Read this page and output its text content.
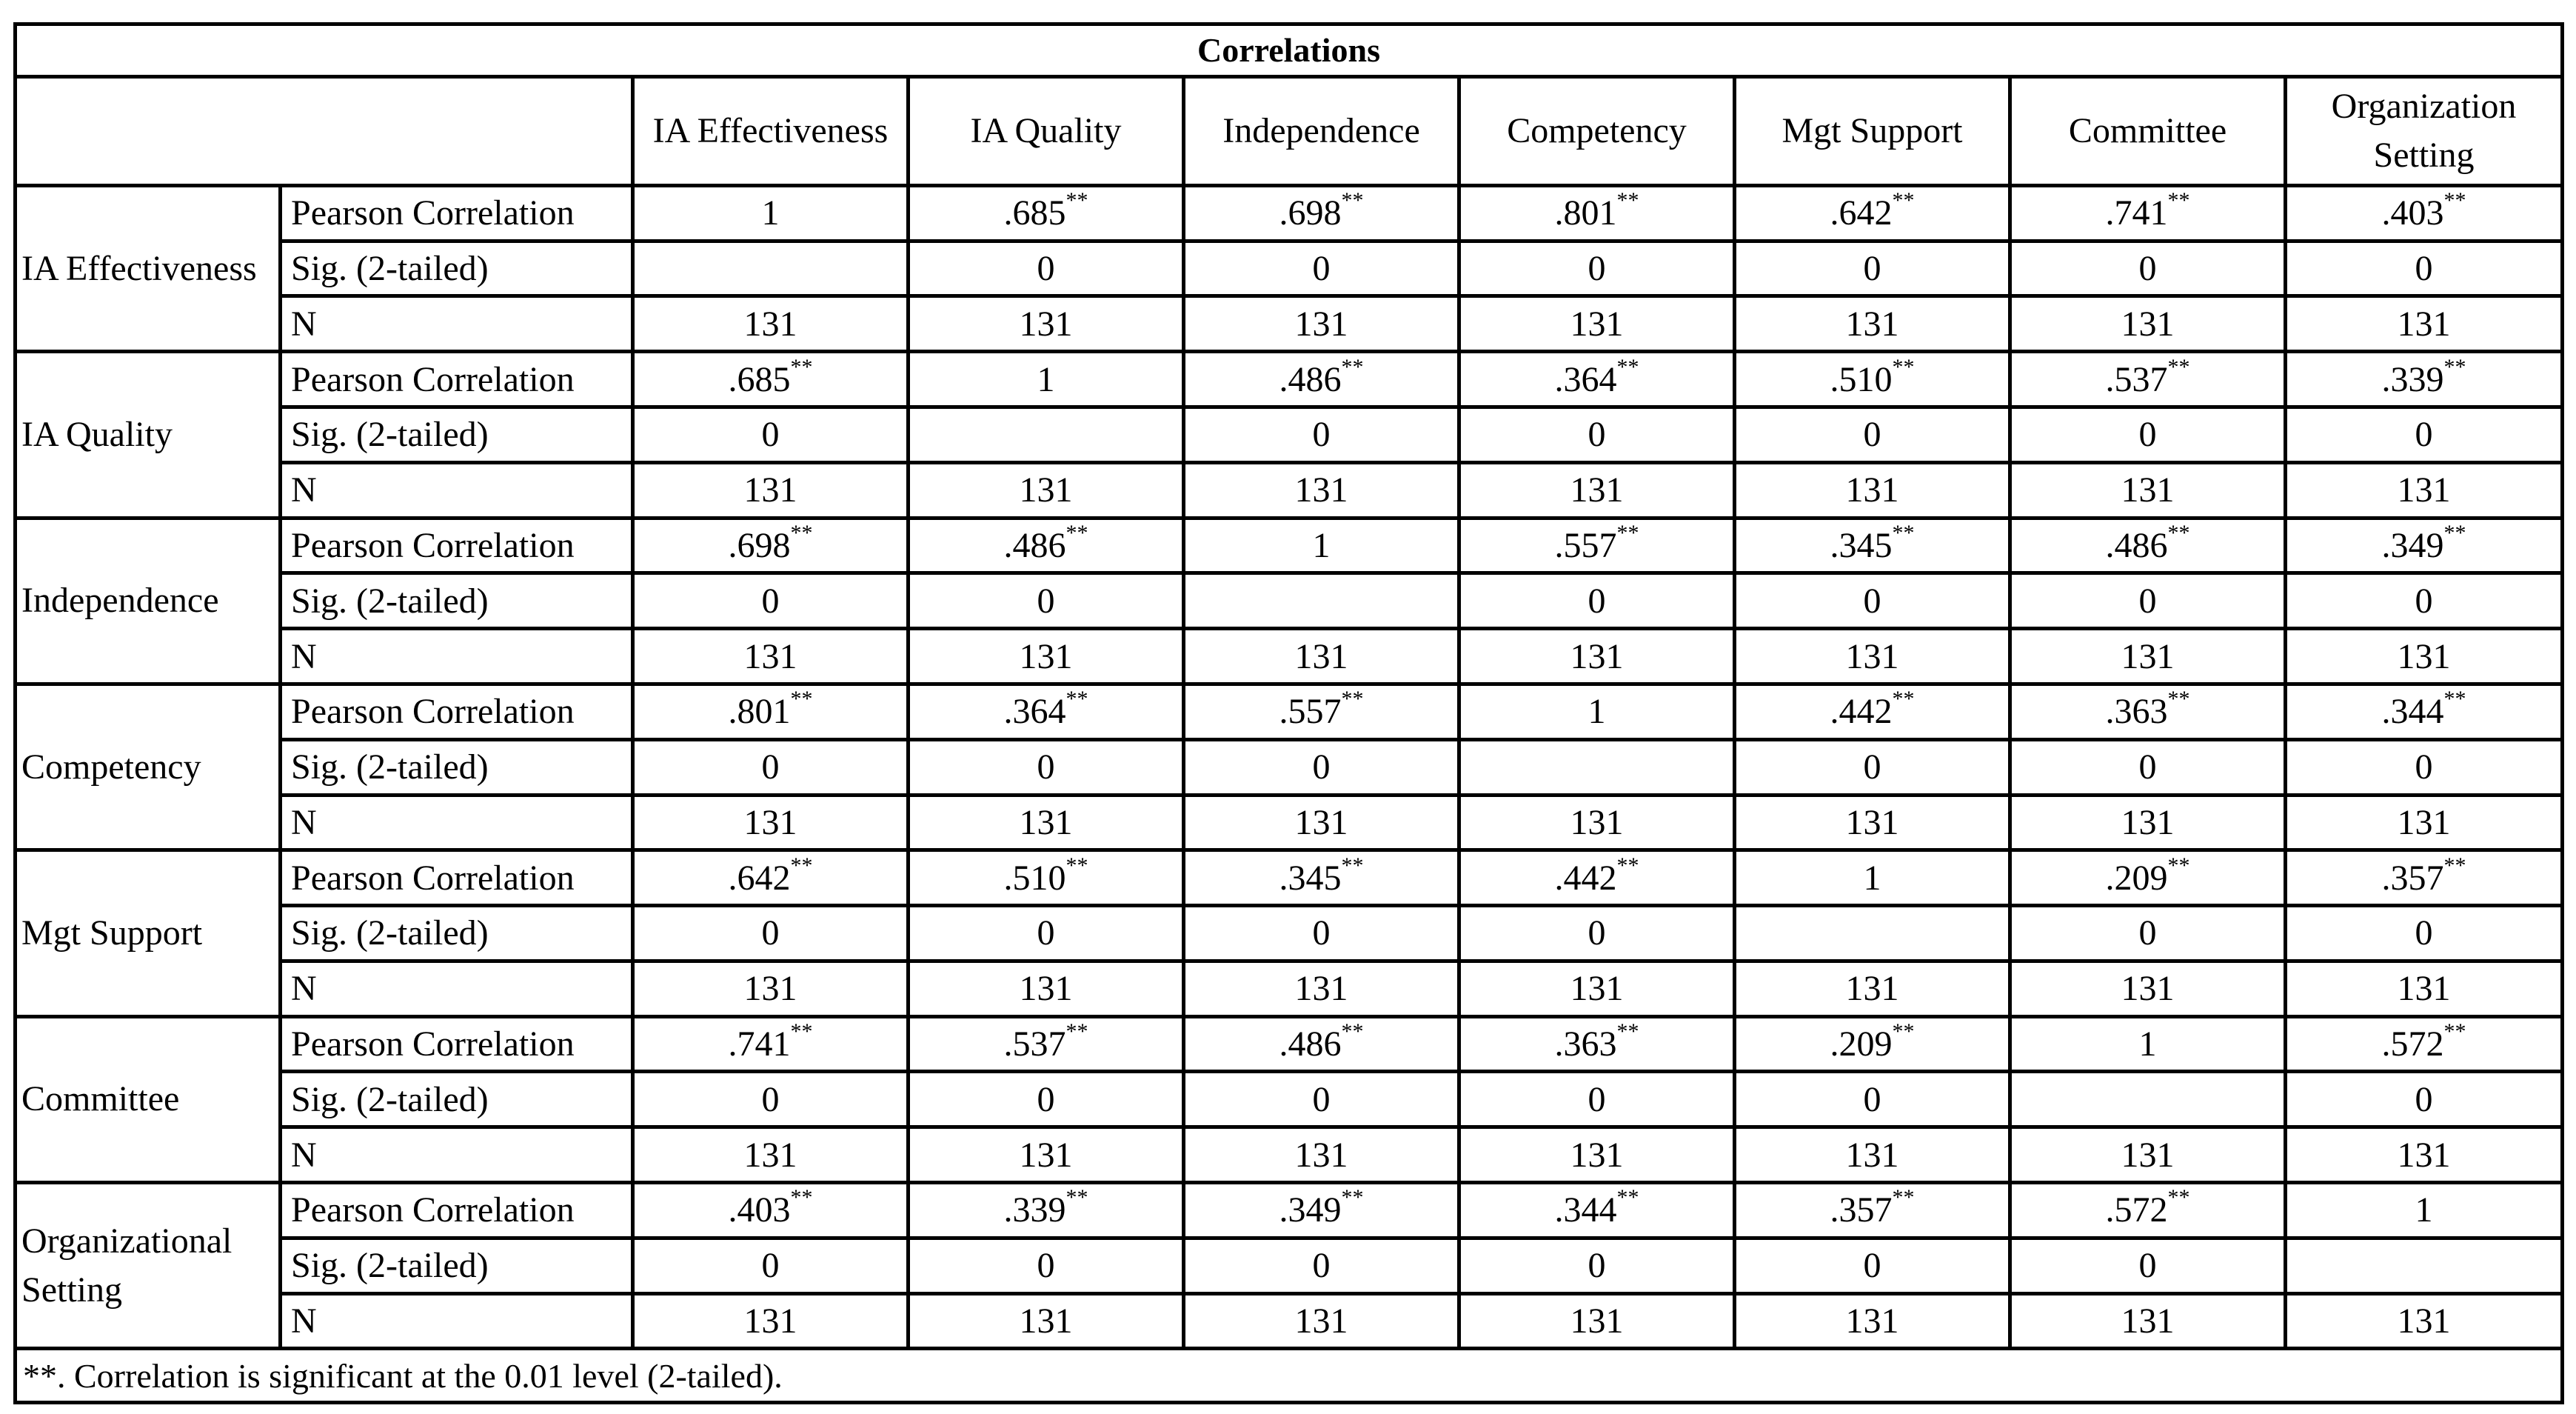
Correlations								
		IA Effectiveness	IA Quality	Independence	Competency	Mgt Support	Committee	Organization Setting
IA Effectiveness	Pearson Correlation	1	.685**	.698**	.801**	.642**	.741**	.403**
	Sig. (2-tailed)		0	0	0	0	0	0
	N	131	131	131	131	131	131	131
IA Quality	Pearson Correlation	.685**	1	.486**	.364**	.510**	.537**	.339**
	Sig. (2-tailed)	0		0	0	0	0	0
	N	131	131	131	131	131	131	131
Independence	Pearson Correlation	.698**	.486**	1	.557**	.345**	.486**	.349**
	Sig. (2-tailed)	0	0		0	0	0	0
	N	131	131	131	131	131	131	131
Competency	Pearson Correlation	.801**	.364**	.557**	1	.442**	.363**	.344**
	Sig. (2-tailed)	0	0	0		0	0	0
	N	131	131	131	131	131	131	131
Mgt Support	Pearson Correlation	.642**	.510**	.345**	.442**	1	.209**	.357**
	Sig. (2-tailed)	0	0	0	0		0	0
	N	131	131	131	131	131	131	131
Committee	Pearson Correlation	.741**	.537**	.486**	.363**	.209**	1	.572**
	Sig. (2-tailed)	0	0	0	0	0		0
	N	131	131	131	131	131	131	131
Organizational Setting	Pearson Correlation	.403**	.339**	.349**	.344**	.357**	.572**	1
	Sig. (2-tailed)	0	0	0	0	0	0	
	N	131	131	131	131	131	131	131
**. Correlation is significant at the 0.01 level (2-tailed).								
